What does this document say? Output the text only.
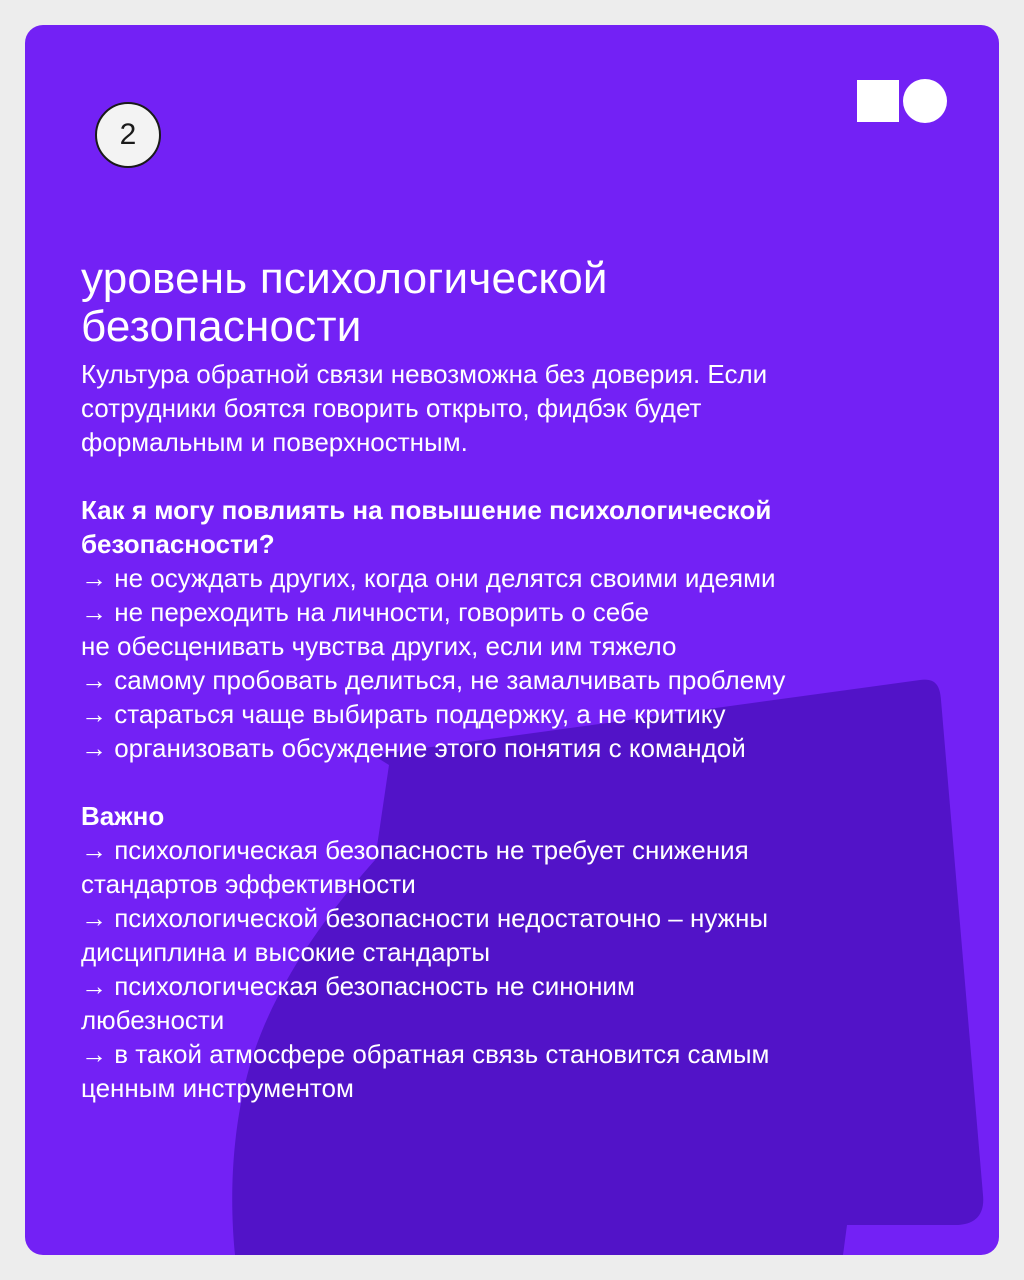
2
уровень психологической
безопасности

Культура обратной связи невозможна без доверия. Если

сотрудники боятся говорить открыто, фидбэк будет

формальным и поверхностным.

Как я могу повлиять на повышение психологической

безопасности?

→ не осуждать других, когда они делятся своими идеями

→ не переходить на личности, говорить о себе

не обесценивать чувства других, если им тяжело

→ самому пробовать делиться, не замалчивать проблему

→ стараться чаще выбирать поддержку, а не критику

→ организовать обсуждение этого понятия с командой

Важно

→ психологическая безопасность не требует снижения

стандартов эффективности

→ психологической безопасности недостаточно – нужны

дисциплина и высокие стандарты

→ психологическая безопасность не синоним

любезности

→ в такой атмосфере обратная связь становится самым

ценным инструментом
